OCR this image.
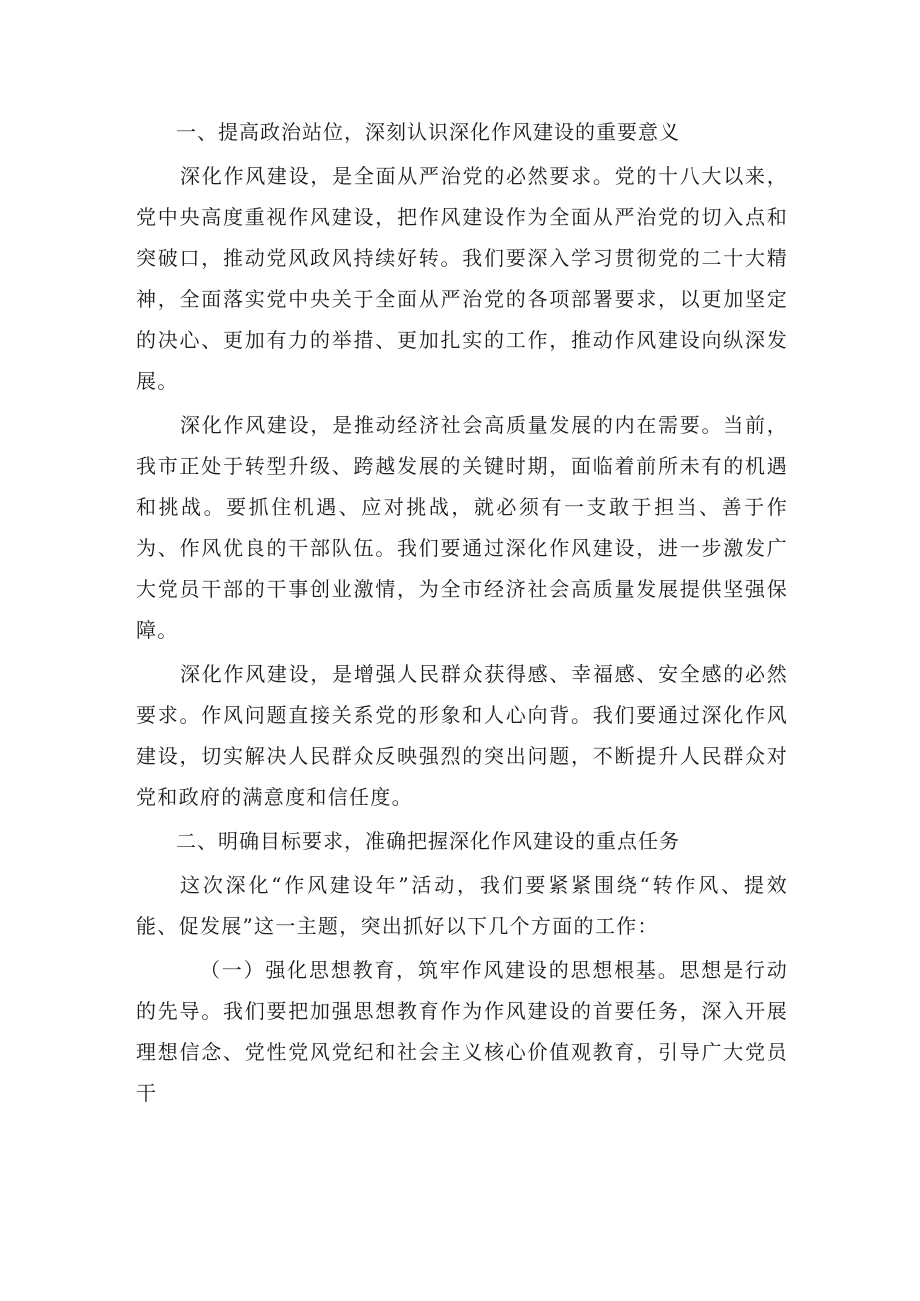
一、提高政治站位，深刻认识深化作风建设的重要意义

深化作风建设，是全面从严治党的必然要求。党的十八大以来，党中央高度重视作风建设，把作风建设作为全面从严治党的切入点和突破口，推动党风政风持续好转。我们要深入学习贯彻党的二十大精神，全面落实党中央关于全面从严治党的各项部署要求，以更加坚定的决心、更加有力的举措、更加扎实的工作，推动作风建设向纵深发展。

深化作风建设，是推动经济社会高质量发展的内在需要。当前，我市正处于转型升级、跨越发展的关键时期，面临着前所未有的机遇和挑战。要抓住机遇、应对挑战，就必须有一支敢于担当、善于作为、作风优良的干部队伍。我们要通过深化作风建设，进一步激发广大党员干部的干事创业激情，为全市经济社会高质量发展提供坚强保障。

深化作风建设，是增强人民群众获得感、幸福感、安全感的必然要求。作风问题直接关系党的形象和人心向背。我们要通过深化作风建设，切实解决人民群众反映强烈的突出问题，不断提升人民群众对党和政府的满意度和信任度。

二、明确目标要求，准确把握深化作风建设的重点任务

这次深化“作风建设年”活动，我们要紧紧围绕“转作风、提效能、促发展”这一主题，突出抓好以下几个方面的工作：

（一）强化思想教育，筑牢作风建设的思想根基。思想是行动的先导。我们要把加强思想教育作为作风建设的首要任务，深入开展理想信念、党性党风党纪和社会主义核心价值观教育，引导广大党员干
